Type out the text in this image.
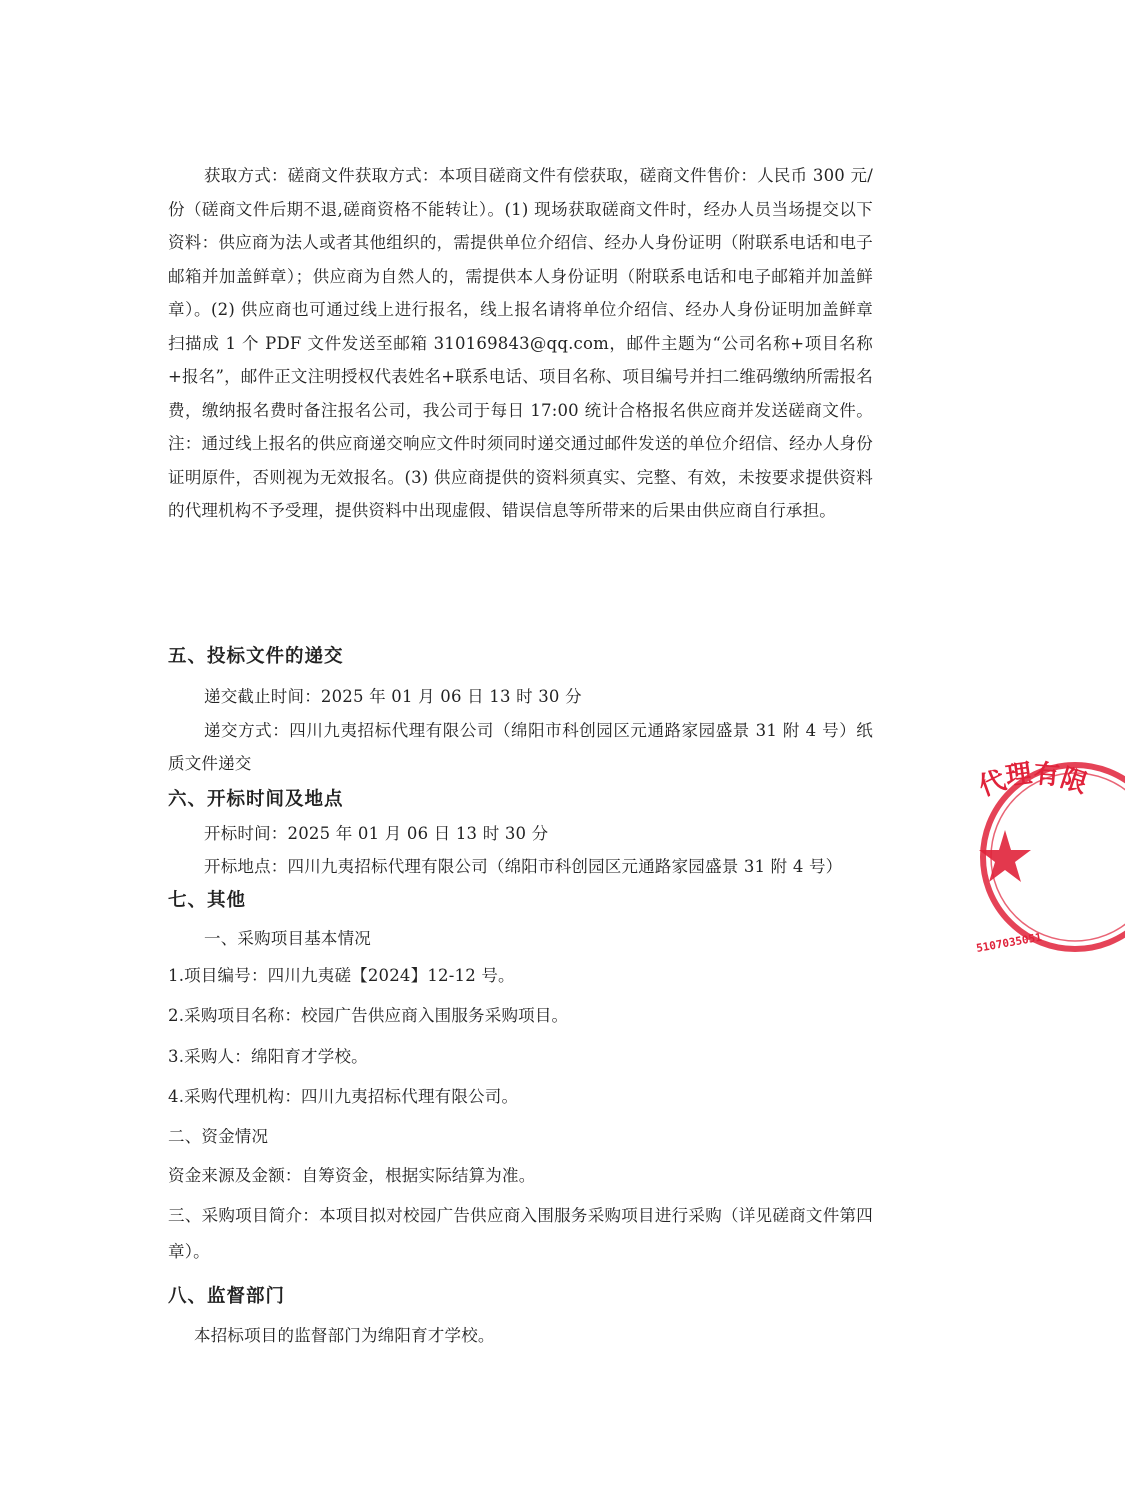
获取方式：磋商文件获取方式：本项目磋商文件有偿获取，磋商文件售价：人民币 300 元/份（磋商文件后期不退,磋商资格不能转让）。(1) 现场获取磋商文件时，经办人员当场提交以下资料：供应商为法人或者其他组织的，需提供单位介绍信、经办人身份证明（附联系电话和电子邮箱并加盖鲜章）；供应商为自然人的，需提供本人身份证明（附联系电话和电子邮箱并加盖鲜章）。(2) 供应商也可通过线上进行报名，线上报名请将单位介绍信、经办人身份证明加盖鲜章扫描成 1 个 PDF 文件发送至邮箱 310169843@qq.com，邮件主题为“公司名称+项目名称+报名”，邮件正文注明授权代表姓名+联系电话、项目名称、项目编号并扫二维码缴纳所需报名费，缴纳报名费时备注报名公司，我公司于每日 17:00 统计合格报名供应商并发送磋商文件。注：通过线上报名的供应商递交响应文件时须同时递交通过邮件发送的单位介绍信、经办人身份证明原件，否则视为无效报名。(3) 供应商提供的资料须真实、完整、有效，未按要求提供资料的代理机构不予受理，提供资料中出现虚假、错误信息等所带来的后果由供应商自行承担。
五、投标文件的递交
递交截止时间：2025 年 01 月 06 日 13 时 30 分
递交方式：四川九夷招标代理有限公司（绵阳市科创园区元通路家园盛景 31 附 4 号）纸质文件递交
六、开标时间及地点
开标时间：2025 年 01 月 06 日 13 时 30 分
开标地点：四川九夷招标代理有限公司（绵阳市科创园区元通路家园盛景 31 附 4 号）
七、其他
一、采购项目基本情况
1.项目编号：四川九夷磋【2024】12-12 号。
2.采购项目名称：校园广告供应商入围服务采购项目。
3.采购人：绵阳育才学校。
4.采购代理机构：四川九夷招标代理有限公司。
二、资金情况
资金来源及金额：自筹资金，根据实际结算为准。
三、采购项目简介：本项目拟对校园广告供应商入围服务采购项目进行采购（详见磋商文件第四章）。
八、监督部门
本招标项目的监督部门为绵阳育才学校。
代
理
有
限
5107035051
